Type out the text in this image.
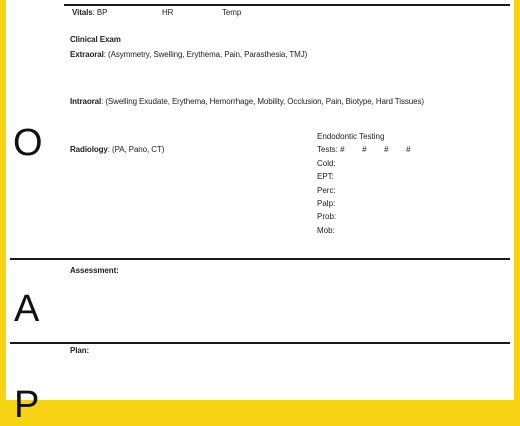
Vitals: BP	HR	Temp
Clinical Exam
Extraoral: (Asymmetry, Swelling, Erythema, Pain, Parasthesia, TMJ)
Intraoral: (Swelling Exudate, Erythema, Hemorrhage, Mobility, Occlusion, Pain, Biotype, Hard Tissues)
O	Radiology: (PA, Pano, CT)
Endodontic Testing
Tests: # # # #
Cold:
EPT:
Perc:
Palp:
Prob:
Mob:
Assessment:
A
Plan:
P
